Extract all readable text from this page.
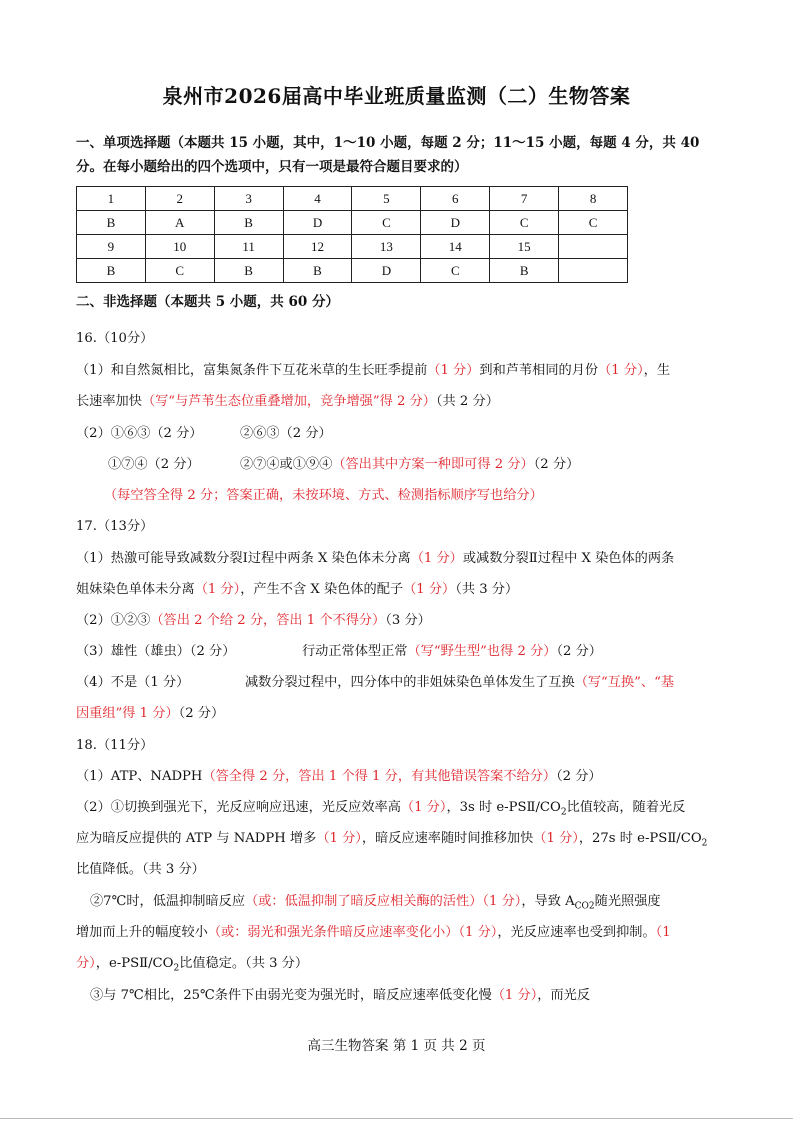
泉州市2026届高中毕业班质量监测（二）生物答案
一、单项选择题（本题共 15 小题，其中，1～10 小题，每题 2 分；11～15 小题，每题 4 分，共 40
分。在每小题给出的四个选项中，只有一项是最符合题目要求的）
1	2	3	4	5	6	7	8
B	A	B	D	C	D	C	C
9	10	11	12	13	14	15	
B	C	B	B	D	C	B	
二、非选择题（本题共 5 小题，共 60 分）
16.（10分）
（1）和自然氮相比，富集氮条件下互花米草的生长旺季提前（1 分）到和芦苇相同的月份（1 分），生
长速率加快（写“与芦苇生态位重叠增加，竞争增强”得 2 分）（共 2 分）
（2）①⑥③（2 分）	②⑥③（2 分）
①⑦④（2 分）	②⑦④或①⑨④（答出其中方案一种即可得 2 分）（2 分）
（每空答全得 2 分；答案正确，未按环境、方式、检测指标顺序写也给分）
17.（13分）
（1）热激可能导致减数分裂Ⅰ过程中两条 X 染色体未分离（1 分）或减数分裂Ⅱ过程中 X 染色体的两条
姐妹染色单体未分离（1 分），产生不含 X 染色体的配子（1 分）（共 3 分）
（2）①②③（答出 2 个给 2 分，答出 1 个不得分）（3 分）
（3）雄性（雄虫）（2 分）	行动正常体型正常（写“野生型”也得 2 分）（2 分）
（4）不是（1 分）	减数分裂过程中，四分体中的非姐妹染色单体发生了互换（写“互换”、“基
因重组”得 1 分）（2 分）
18.（11分）
（1）ATP、NADPH（答全得 2 分，答出 1 个得 1 分，有其他错误答案不给分）（2 分）
（2）①切换到强光下，光反应响应迅速，光反应效率高（1 分），3s 时 $e-PSⅡ/CO_2$比值较高，随着光反
应为暗反应提供的 ATP 与 NADPH 增多（1 分），暗反应速率随时间推移加快（1 分），27s 时 $e-PSⅡ/CO_2$
比值降低。（共 3 分）
②7℃时，低温抑制暗反应（或：低温抑制了暗反应相关酶的活性）（1 分），导致 $A_{CO2}$随光照强度
增加而上升的幅度较小（或：弱光和强光条件暗反应速率变化小）（1 分），光反应速率也受到抑制。（1
分），$e-PSⅡ/CO_2$比值稳定。（共 3 分）
③与 7℃相比，25℃条件下由弱光变为强光时，暗反应速率低变化慢（1 分），而光反
高三生物答案 第 1 页 共 2 页
